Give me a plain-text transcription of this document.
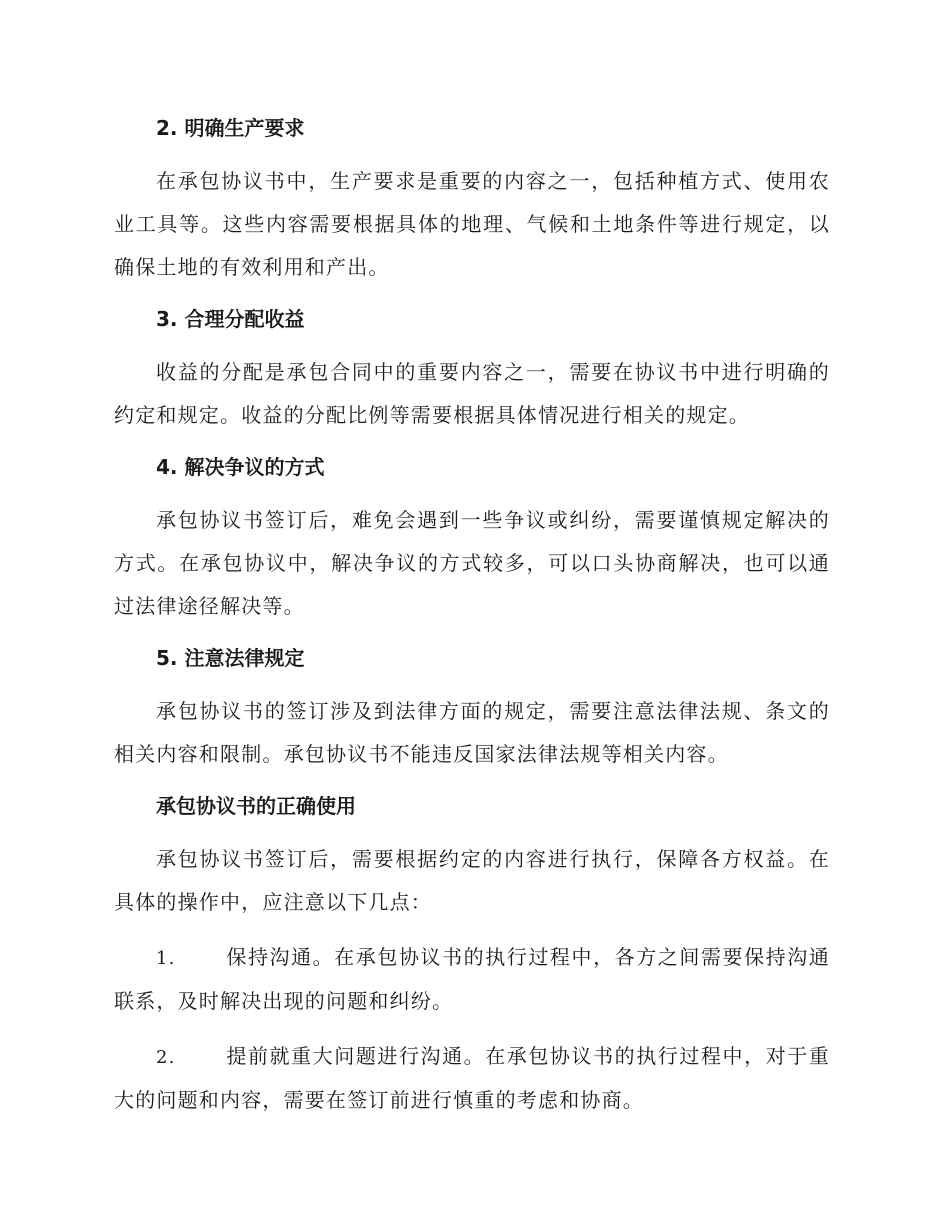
2. 明确生产要求

在承包协议书中，生产要求是重要的内容之一，包括种植方式、使用农业工具等。这些内容需要根据具体的地理、气候和土地条件等进行规定，以确保土地的有效利用和产出。

3. 合理分配收益

收益的分配是承包合同中的重要内容之一，需要在协议书中进行明确的约定和规定。收益的分配比例等需要根据具体情况进行相关的规定。

4. 解决争议的方式

承包协议书签订后，难免会遇到一些争议或纠纷，需要谨慎规定解决的方式。在承包协议中，解决争议的方式较多，可以口头协商解决，也可以通过法律途径解决等。

5. 注意法律规定

承包协议书的签订涉及到法律方面的规定，需要注意法律法规、条文的相关内容和限制。承包协议书不能违反国家法律法规等相关内容。

承包协议书的正确使用

承包协议书签订后，需要根据约定的内容进行执行，保障各方权益。在具体的操作中，应注意以下几点：

1.	保持沟通。在承包协议书的执行过程中，各方之间需要保持沟通联系，及时解决出现的问题和纠纷。

2.	提前就重大问题进行沟通。在承包协议书的执行过程中，对于重大的问题和内容，需要在签订前进行慎重的考虑和协商。
